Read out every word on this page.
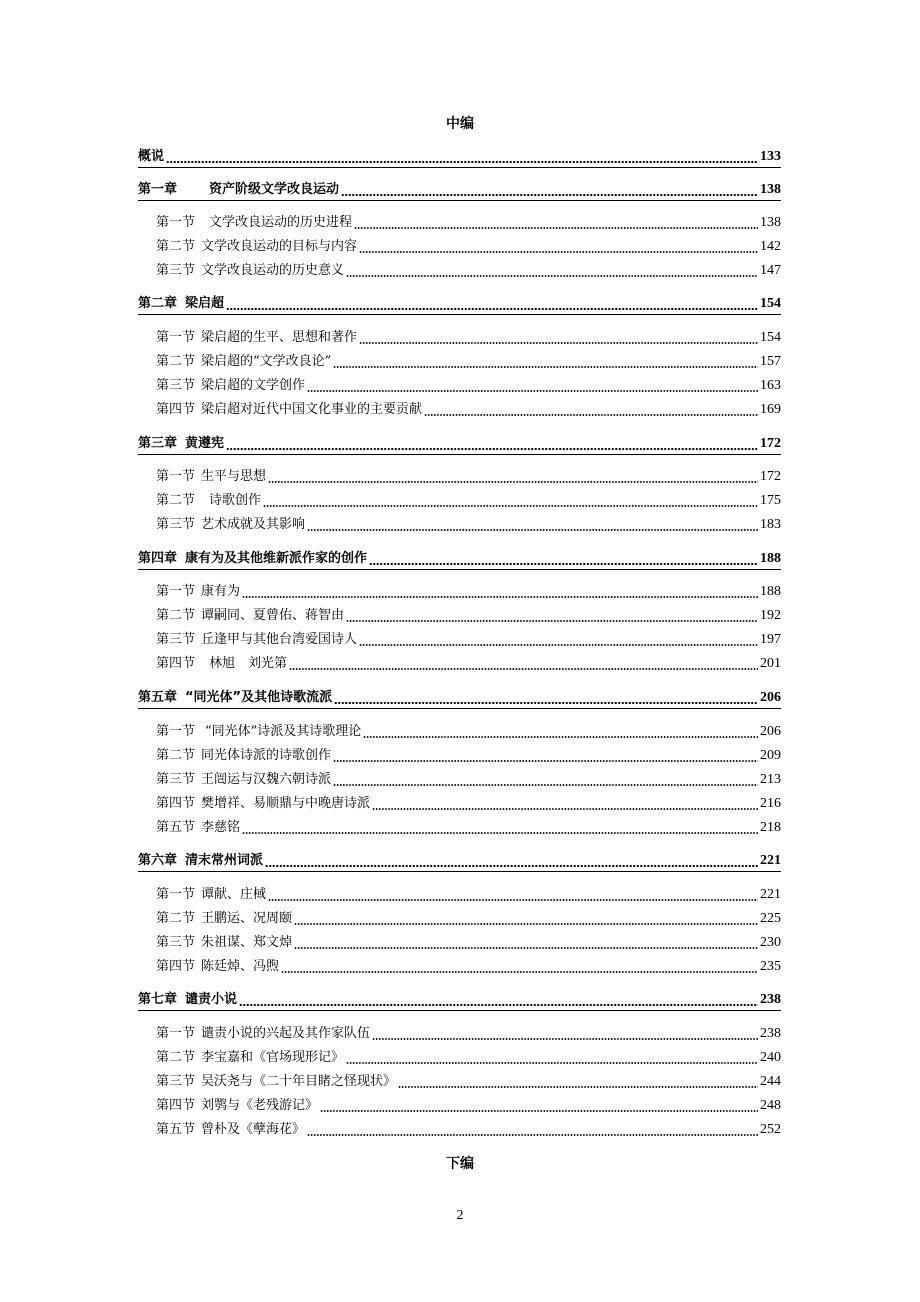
中编
概说	133
第一章 资产阶级文学改良运动	138
第一节 文学改良运动的历史进程	138
第二节 文学改良运动的目标与内容	142
第三节 文学改良运动的历史意义	147
第二章 梁启超	154
第一节 梁启超的生平、思想和著作	154
第二节 梁启超的“文学改良论”	157
第三节 梁启超的文学创作	163
第四节 梁启超对近代中国文化事业的主要贡献	169
第三章 黄遵宪	172
第一节 生平与思想	172
第二节 诗歌创作	175
第三节 艺术成就及其影响	183
第四章 康有为及其他维新派作家的创作	188
第一节 康有为	188
第二节 谭嗣同、夏曾佑、蒋智由	192
第三节 丘逢甲与其他台湾爱国诗人	197
第四节 林旭　刘光第	201
第五章 “同光体”及其他诗歌流派	206
第一节 “同光体”诗派及其诗歌理论	206
第二节 同光体诗派的诗歌创作	209
第三节 王闿运与汉魏六朝诗派	213
第四节 樊增祥、易顺鼎与中晚唐诗派	216
第五节 李慈铭	218
第六章 清末常州词派	221
第一节 谭献、庄棫	221
第二节 王鹏运、况周颐	225
第三节 朱祖谋、郑文焯	230
第四节 陈廷焯、冯煦	235
第七章 谴责小说	238
第一节 谴责小说的兴起及其作家队伍	238
第二节 李宝嘉和《官场现形记》	240
第三节 吴沃尧与《二十年目睹之怪现状》	244
第四节 刘鹗与《老残游记》	248
第五节 曾朴及《孽海花》	252
下编
2
